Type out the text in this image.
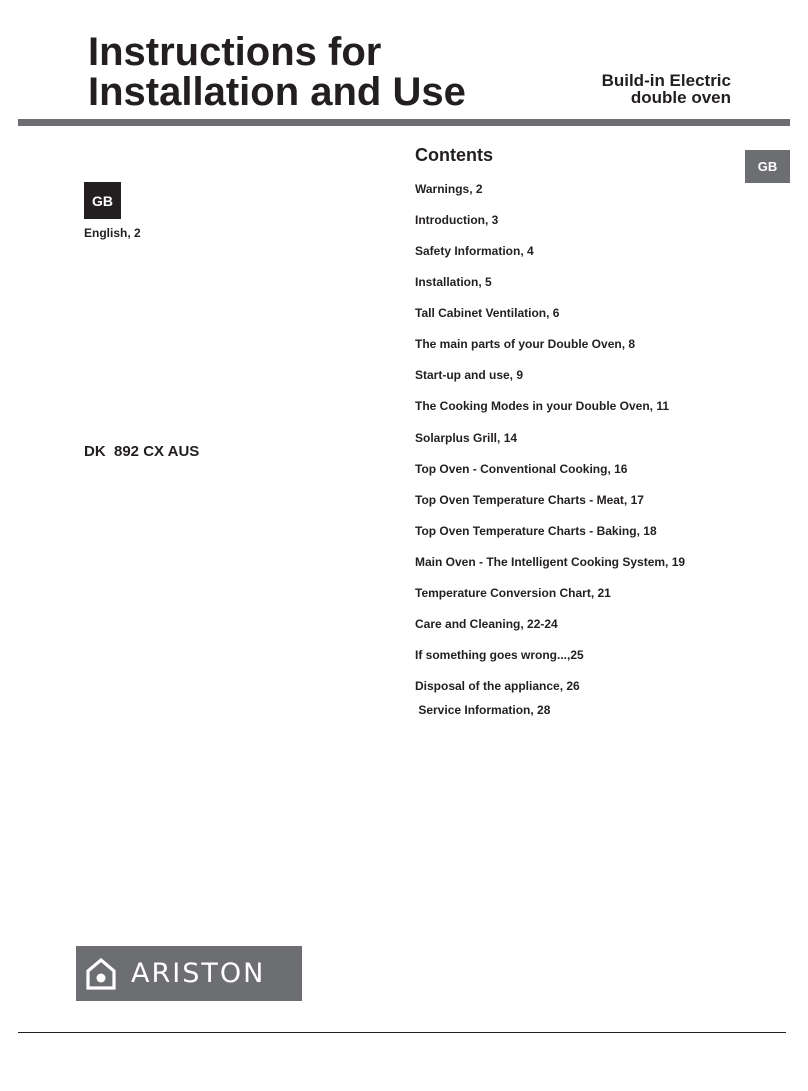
Instructions for
Installation and Use	Build-in Electric
double oven
GB
English, 2
DK  892 CX AUS
GB
Contents
Warnings, 2
Introduction, 3
Safety Information, 4
Installation, 5
Tall Cabinet Ventilation, 6
The main parts of your Double Oven, 8
Start-up and use, 9
The Cooking Modes in your Double Oven, 11
Solarplus Grill, 14
Top Oven - Conventional Cooking, 16
Top Oven Temperature Charts - Meat, 17
Top Oven Temperature Charts - Baking, 18
Main Oven - The Intelligent Cooking System, 19
Temperature Conversion Chart, 21
Care and Cleaning, 22-24
If something goes wrong...,25
Disposal of the appliance, 26
Service Information, 28
ARISTON
